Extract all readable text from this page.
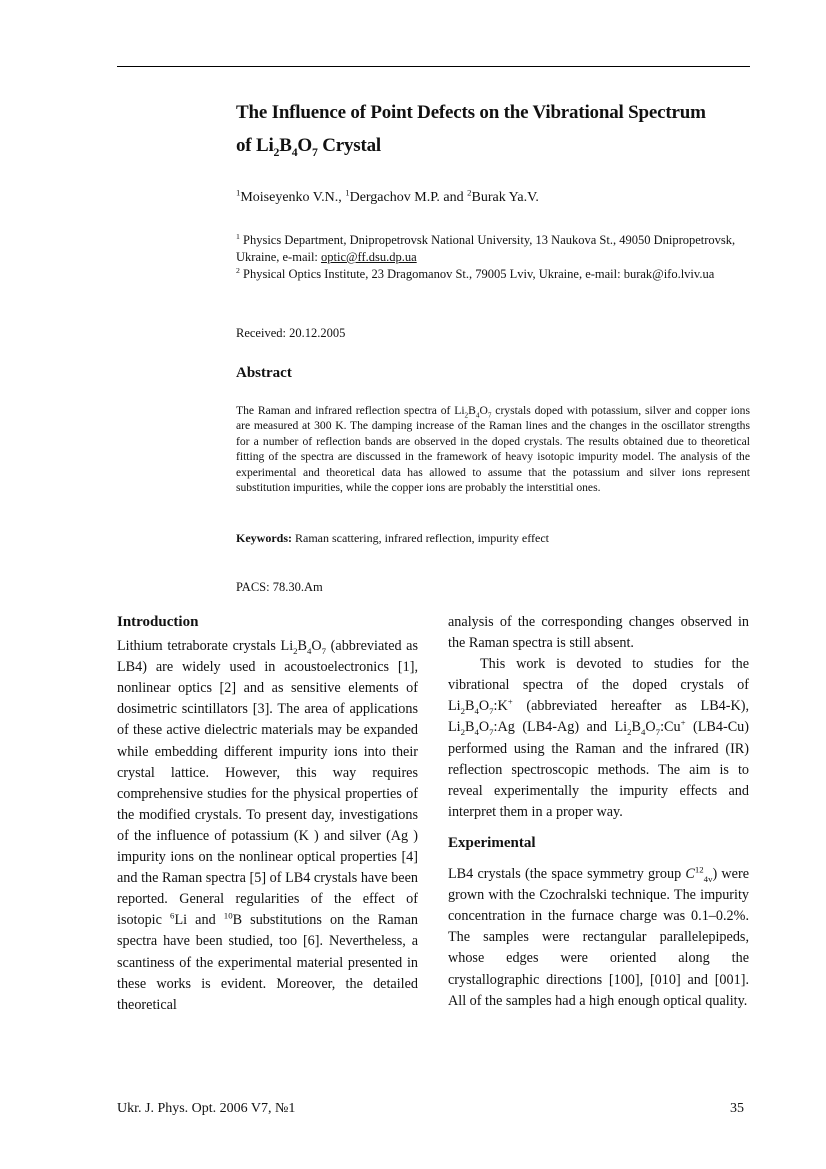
The Influence of Point Defects on the Vibrational Spectrum
of $Li_2B_4O_7$ Crystal
$^1$Moiseyenko V.N., $^1$Dergachov M.P. and $^2$Burak Ya.V.
$^1$ Physics Department, Dnipropetrovsk National University, 13 Naukova St., 49050 Dnipropetrovsk, Ukraine, e-mail: optic@ff.dsu.dp.ua
$^2$ Physical Optics Institute, 23 Dragomanov St., 79005 Lviv, Ukraine, e-mail: burak@ifo.lviv.ua
Received: 20.12.2005
Abstract
The Raman and infrared reflection spectra of $Li_2B_4O_7$ crystals doped with potassium, silver and copper ions are measured at 300 K. The damping increase of the Raman lines and the changes in the oscillator strengths for a number of reflection bands are observed in the doped crystals. The results obtained due to theoretical fitting of the spectra are discussed in the framework of heavy isotopic impurity model. The analysis of the experimental and theoretical data has allowed to assume that the potassium and silver ions represent substitution impurities, while the copper ions are probably the interstitial ones.
Keywords: Raman scattering, infrared reflection, impurity effect
PACS: 78.30.Am
Introduction

Lithium tetraborate crystals $Li_2B_4O_7$ (abbreviated as LB4) are widely used in acoustoelectronics [1], nonlinear optics [2] and as sensitive elements of dosimetric scintillators [3]. The area of applications of these active dielectric materials may be expanded while embedding different impurity ions into their crystal lattice. However, this way requires comprehensive studies for the physical properties of the modified crystals. To present day, investigations of the influence of potassium (K ) and silver (Ag ) impurity ions on the nonlinear optical properties [4] and the Raman spectra [5] of LB4 crystals have been reported. General regularities of the effect of isotopic $^6$Li and $^{10}$B substitutions on the Raman spectra have been studied, too [6]. Nevertheless, a scantiness of the experimental material presented in these works is evident. Moreover, the detailed theoretical

analysis of the corresponding changes observed in the Raman spectra is still absent.

This work is devoted to studies for the vibrational spectra of the doped crystals of $Li_2B_4O_7:K^+$ (abbreviated hereafter as LB4-K), $Li_2B_4O_7:Ag$ (LB4-Ag) and $Li_2B_4O_7:Cu^+$ (LB4-Cu) performed using the Raman and the infrared (IR) reflection spectroscopic methods. The aim is to reveal experimentally the impurity effects and interpret them in a proper way.

Experimental

LB4 crystals (the space symmetry group $C^{12}_{4v}$) were grown with the Czochralski technique. The impurity concentration in the furnace charge was 0.1–0.2%. The samples were rectangular parallelepipeds, whose edges were oriented along the crystallographic directions [100], [010] and [001]. All of the samples had a high enough optical quality.

Ukr. J. Phys. Opt. 2006 V7, №1	35
